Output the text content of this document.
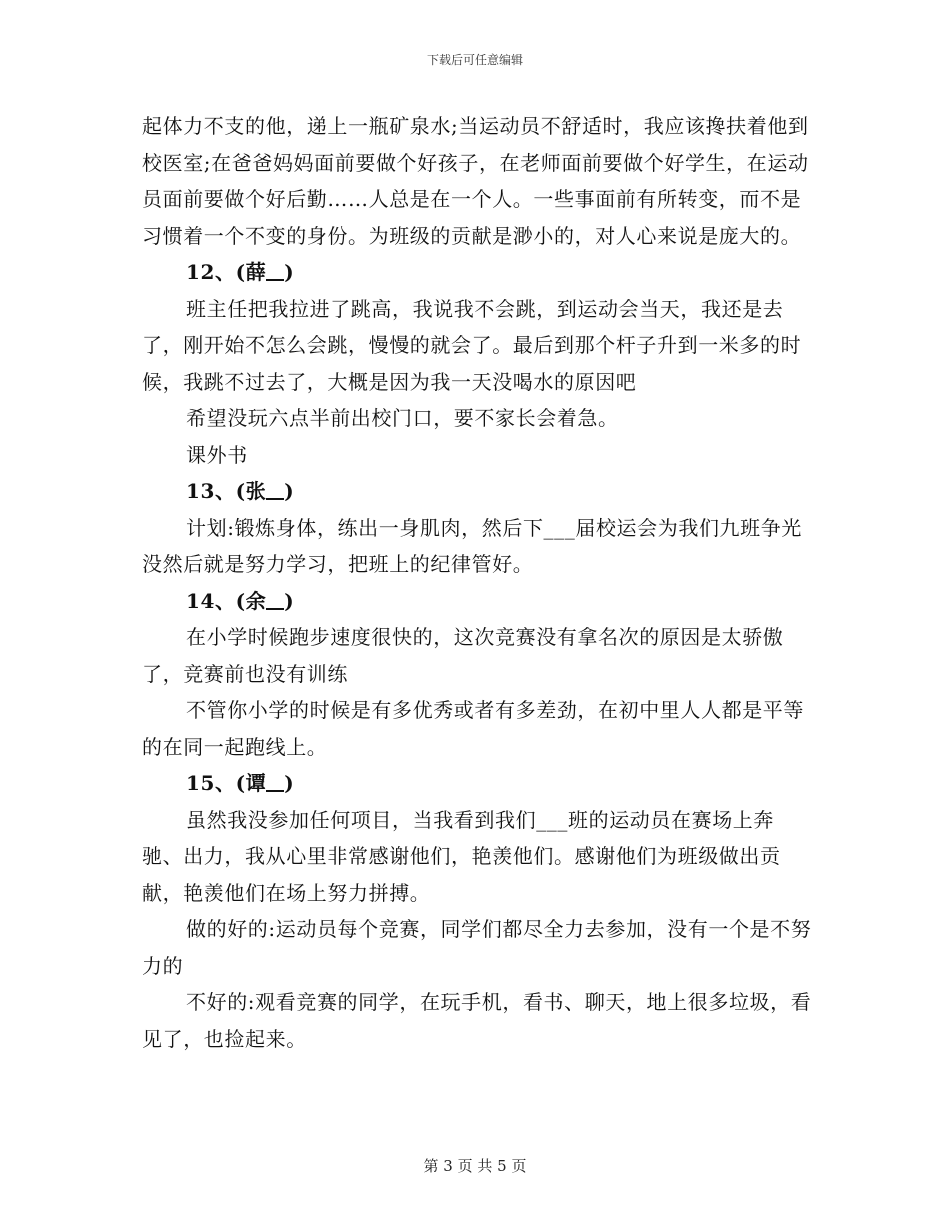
下载后可任意编辑

起体力不支的他，递上一瓶矿泉水;当运动员不舒适时，我应该搀扶着他到校医室;在爸爸妈妈面前要做个好孩子，在老师面前要做个好学生，在运动员面前要做个好后勤……人总是在一个人。一些事面前有所转变，而不是习惯着一个不变的身份。为班级的贡献是渺小的，对人心来说是庞大的。

12、(薛 )

班主任把我拉进了跳高，我说我不会跳，到运动会当天，我还是去了，刚开始不怎么会跳，慢慢的就会了。最后到那个杆子升到一米多的时候，我跳不过去了，大概是因为我一天没喝水的原因吧

希望没玩六点半前出校门口，要不家长会着急。

课外书

13、(张 )

计划:锻炼身体，练出一身肌肉，然后下___届校运会为我们九班争光没然后就是努力学习，把班上的纪律管好。

14、(余 )

在小学时候跑步速度很快的，这次竞赛没有拿名次的原因是太骄傲了，竞赛前也没有训练

不管你小学的时候是有多优秀或者有多差劲，在初中里人人都是平等的在同一起跑线上。

15、(谭 )

虽然我没参加任何项目，当我看到我们___班的运动员在赛场上奔驰、出力，我从心里非常感谢他们，艳羡他们。感谢他们为班级做出贡献，艳羡他们在场上努力拼搏。

做的好的:运动员每个竞赛，同学们都尽全力去参加，没有一个是不努力的

不好的:观看竞赛的同学，在玩手机，看书、聊天，地上很多垃圾，看见了，也捡起来。

第 3 页 共 5 页
